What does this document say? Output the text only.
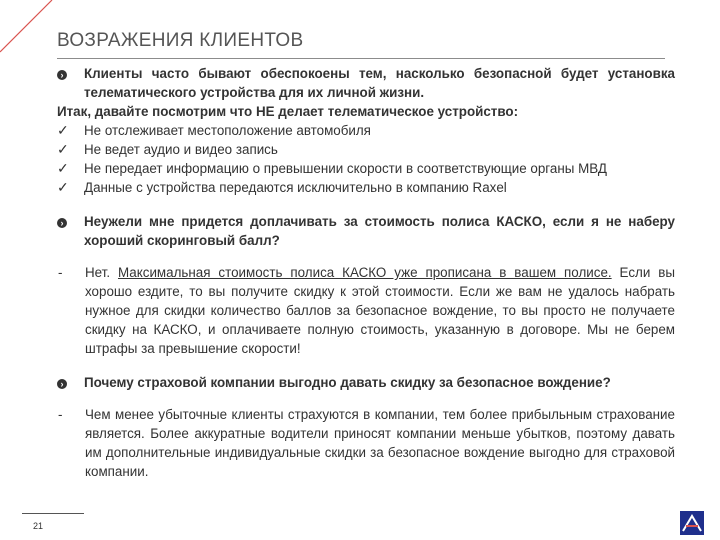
ВОЗРАЖЕНИЯ КЛИЕНТОВ
›	Клиенты часто бывают обеспокоены тем, насколько безопасной будет установка телематического устройства для их личной жизни.
Итак, давайте посмотрим что НЕ делает телематическое устройство:
✓	Не отслеживает местоположение автомобиля
✓	Не ведет аудио и видео запись
✓	Не передает информацию о превышении скорости в соответствующие органы МВД
✓	Данные с устройства передаются исключительно в компанию Raxel
›	Неужели мне придется доплачивать за стоимость полиса КАСКО, если я не наберу хороший скоринговый балл?
-	Нет. Максимальная стоимость полиса КАСКО уже прописана в вашем полисе. Если вы хорошо ездите, то вы получите скидку к этой стоимости. Если же вам не удалось набрать нужное для скидки количество баллов за безопасное вождение, то вы просто не получаете скидку на КАСКО, и оплачиваете полную стоимость, указанную в договоре. Мы не берем штрафы за превышение скорости!
›	Почему страховой компании выгодно давать скидку за безопасное вождение?
-	Чем менее убыточные клиенты страхуются в компании, тем более прибыльным страхование является. Более аккуратные водители приносят компании меньше убытков, поэтому давать им дополнительные индивидуальные скидки за безопасное вождение выгодно для страховой компании.
21
